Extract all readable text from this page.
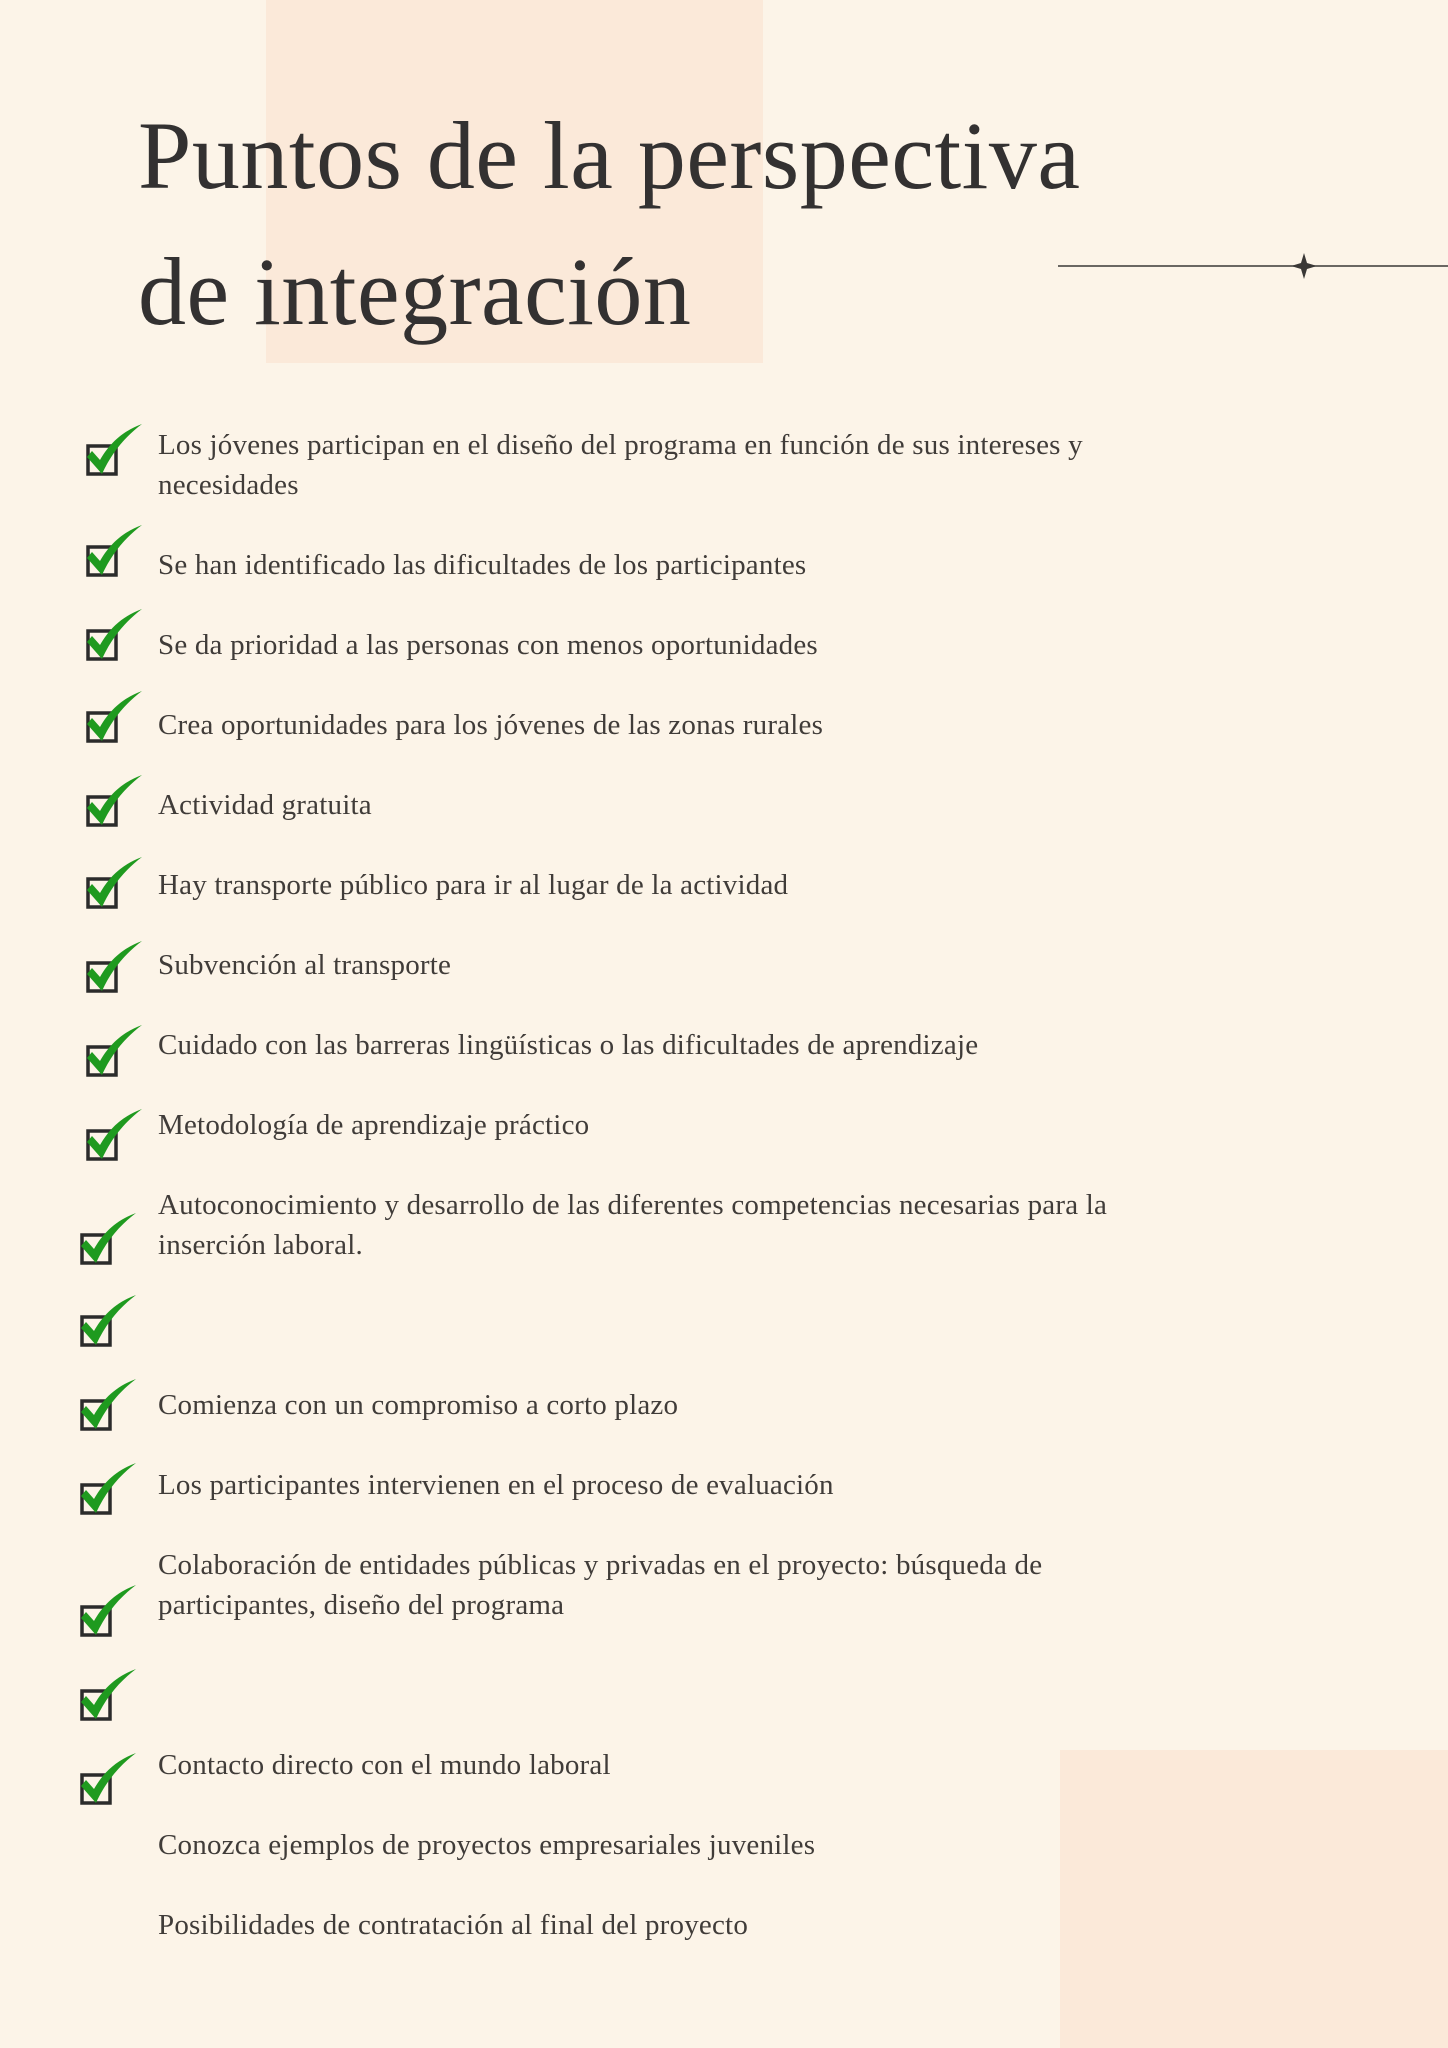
Puntos de la perspectiva
de integración
Los jóvenes participan en el diseño del programa en función de sus intereses y necesidades
Se han identificado las dificultades de los participantes
Se da prioridad a las personas con menos oportunidades
Crea oportunidades para los jóvenes de las zonas rurales
Actividad gratuita
Hay transporte público para ir al lugar de la actividad
Subvención al transporte
Cuidado con las barreras lingüísticas o las dificultades de aprendizaje
Metodología de aprendizaje práctico
Autoconocimiento y desarrollo de las diferentes competencias necesarias para la inserción laboral.
Comienza con un compromiso a corto plazo
Los participantes intervienen en el proceso de evaluación
Colaboración de entidades públicas y privadas en el proyecto: búsqueda de participantes, diseño del programa
Contacto directo con el mundo laboral
Conozca ejemplos de proyectos empresariales juveniles
Posibilidades de contratación al final del proyecto
